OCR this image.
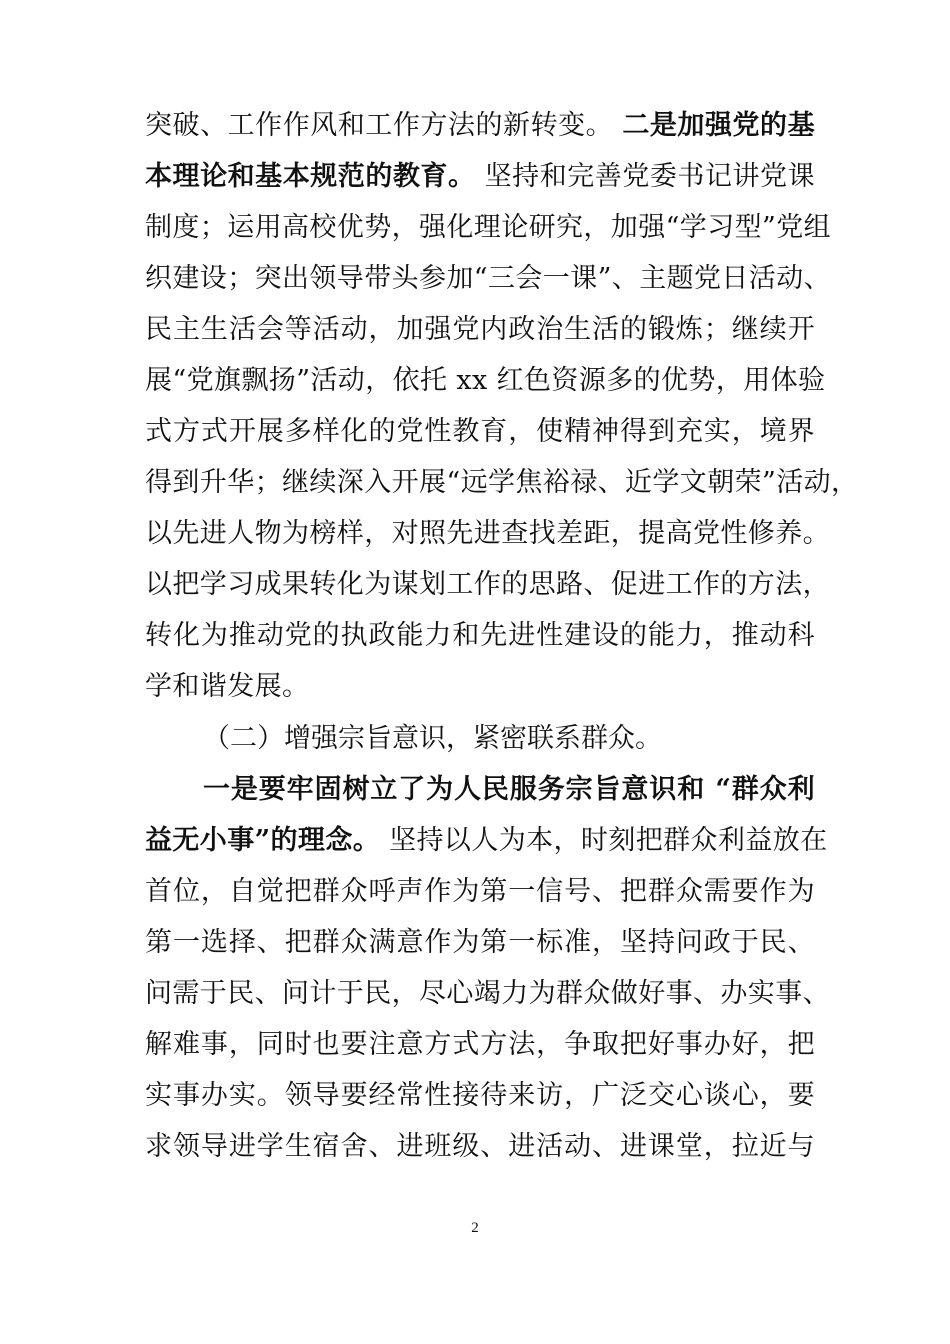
突破、工作作风和工作方法的新转变。 二是加强党的基
本理论和基本规范的教育。 坚持和完善党委书记讲党课
制度；运用高校优势，强化理论研究，加强“学习型”党组
织建设；突出领导带头参加“三会一课”、主题党日活动、
民主生活会等活动，加强党内政治生活的锻炼；继续开
展“党旗飘扬”活动，依托 xx 红色资源多的优势，用体验
式方式开展多样化的党性教育，使精神得到充实，境界
得到升华；继续深入开展“远学焦裕禄、近学文朝荣”活动，
以先进人物为榜样，对照先进查找差距，提高党性修养。
以把学习成果转化为谋划工作的思路、促进工作的方法，
转化为推动党的执政能力和先进性建设的能力，推动科
学和谐发展。
（二）增强宗旨意识，紧密联系群众。
一是要牢固树立了为人民服务宗旨意识和 “群众利
益无小事”的理念。 坚持以人为本，时刻把群众利益放在
首位，自觉把群众呼声作为第一信号、把群众需要作为
第一选择、把群众满意作为第一标准，坚持问政于民、
问需于民、问计于民，尽心竭力为群众做好事、办实事、
解难事，同时也要注意方式方法，争取把好事办好，把
实事办实。领导要经常性接待来访，广泛交心谈心，要
求领导进学生宿舍、进班级、进活动、进课堂，拉近与
2
